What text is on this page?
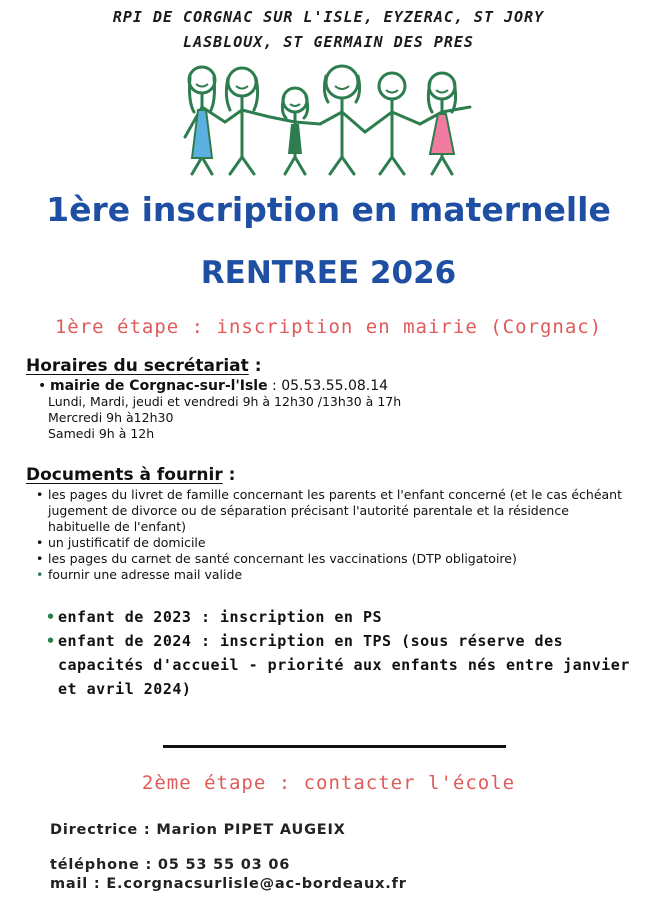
RPI DE CORGNAC SUR L'ISLE, EYZERAC, ST JORY
LASBLOUX, ST GERMAIN DES PRES
1ère inscription en maternelle
RENTREE 2026
1ère étape : inscription en mairie (Corgnac)
Horaires du secrétariat :
• mairie de Corgnac-sur-l'Isle : 05.53.55.08.14
Lundi, Mardi, jeudi et vendredi 9h à 12h30 /13h30 à 17h
Mercredi 9h à12h30
Samedi 9h à 12h
Documents à fournir :
• les pages du livret de famille concernant les parents et l'enfant concerné (et le cas échéant jugement de divorce ou de séparation précisant l'autorité parentale et la résidence habituelle de l'enfant)
• un justificatif de domicile
• les pages du carnet de santé concernant les vaccinations (DTP obligatoire)
• fournir une adresse mail valide
• enfant de 2023 : inscription en PS
• enfant de 2024 : inscription en TPS (sous réserve des capacités d'accueil - priorité aux enfants nés entre janvier et avril 2024)
2ème étape : contacter l'école
Directrice : Marion PIPET AUGEIX
téléphone : 05 53 55 03 06
mail : E.corgnacsurlisle@ac-bordeaux.fr
